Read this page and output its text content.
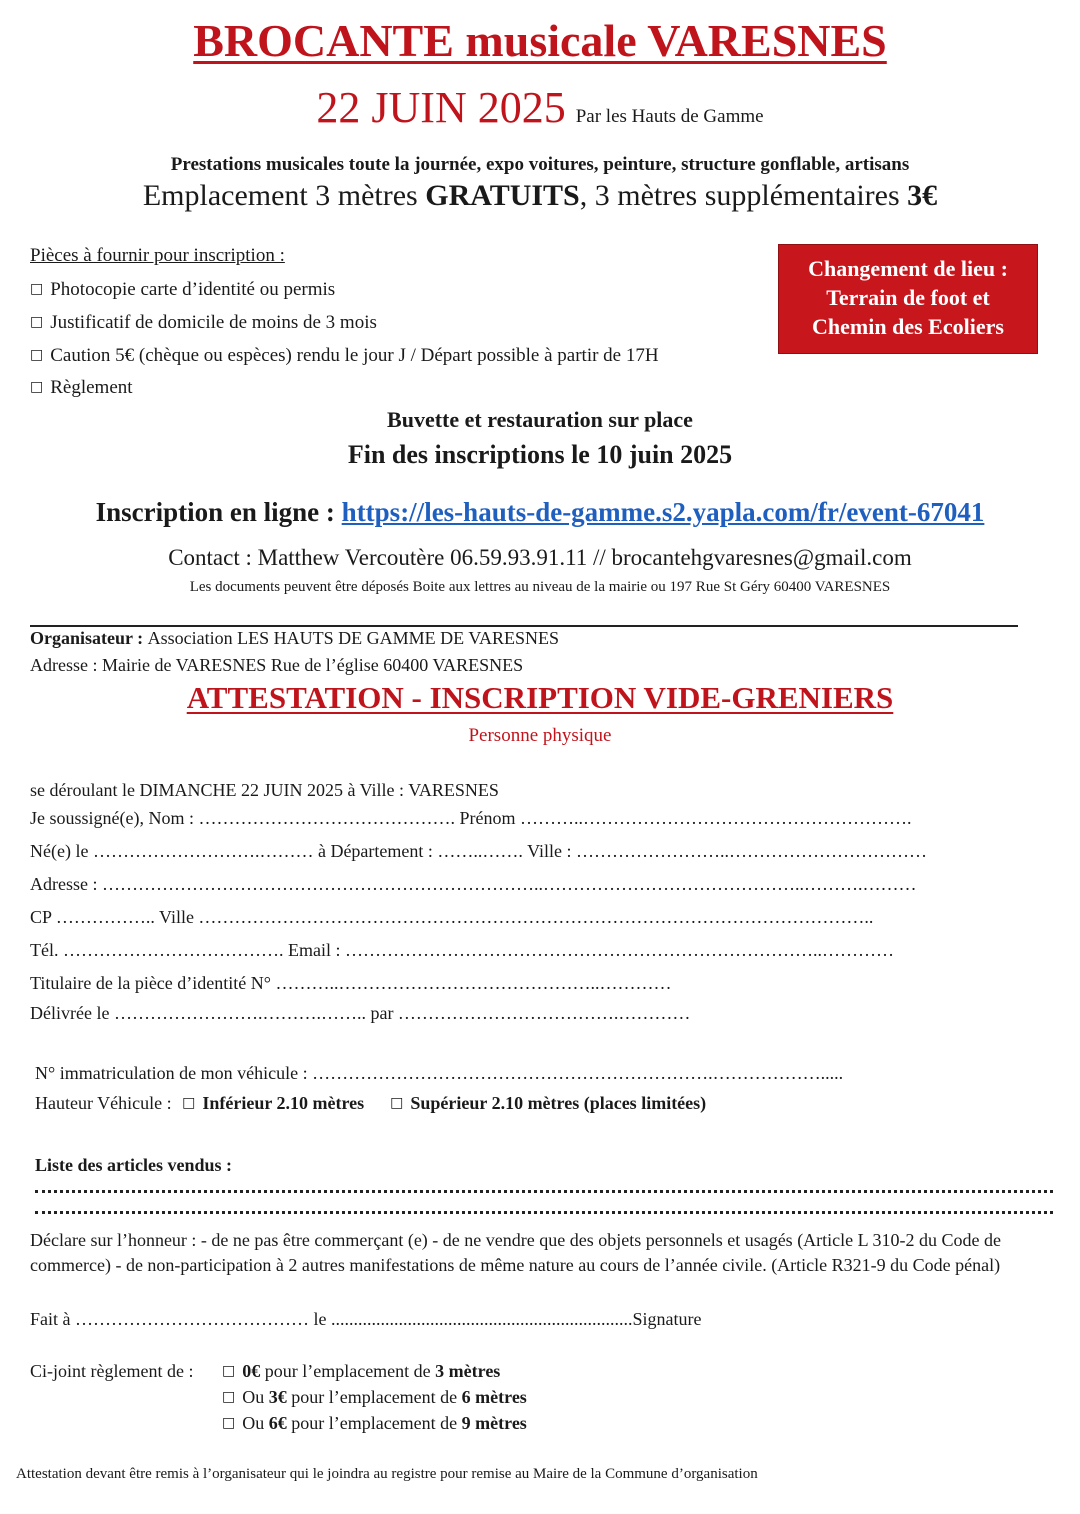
BROCANTE musicale VARESNES
22 JUIN 2025 Par les Hauts de Gamme
Prestations musicales toute la journée, expo voitures, peinture, structure gonflable, artisans
Emplacement 3 mètres GRATUITS, 3 mètres supplémentaires 3€
Pièces à fournir pour inscription :
□ Photocopie carte d’identité ou permis
□ Justificatif de domicile de moins de 3 mois
□ Caution 5€ (chèque ou espèces) rendu le jour J / Départ possible à partir de 17H
□ Règlement
Changement de lieu :
Terrain de foot et
Chemin des Ecoliers
Buvette et restauration sur place
Fin des inscriptions le 10 juin 2025
Inscription en ligne : https://les-hauts-de-gamme.s2.yapla.com/fr/event-67041
Contact : Matthew Vercoutère 06.59.93.91.11 // brocantehgvaresnes@gmail.com
Les documents peuvent être déposés Boite aux lettres au niveau de la mairie ou 197 Rue St Géry 60400 VARESNES
Organisateur : Association LES HAUTS DE GAMME DE VARESNES
Adresse : Mairie de VARESNES Rue de l’église 60400 VARESNES
ATTESTATION - INSCRIPTION VIDE-GRENIERS
Personne physique
se déroulant le DIMANCHE 22 JUIN 2025 à Ville : VARESNES
Je soussigné(e), Nom : ……………………………………. Prénom ………..……………………………………………….
Né(e) le ……………………….……… à Département : ……..……. Ville : ……………………..……………………………
Adresse : ………………………………………………………………..……………………………………..……….………
CP …………….. Ville …………………………………………………………………………………………………..
Tél. ………………………………. Email : ……………………………………………………………………..…………
Titulaire de la pièce d’identité N° ………..……………………………………..…………
Délivrée le …………………….……….…….. par ……………………………….…………
N° immatriculation de mon véhicule : ………………………………………………………….……………….....
Hauteur Véhicule : □ Inférieur 2.10 mètres □ Supérieur 2.10 mètres (places limitées)
Liste des articles vendus :
Déclare sur l’honneur : - de ne pas être commerçant (e) - de ne vendre que des objets personnels et usagés (Article L 310-2 du Code de commerce) - de non-participation à 2 autres manifestations de même nature au cours de l’année civile. (Article R321-9 du Code pénal)
Fait à ………………………………… le ...................................................................Signature
Ci-joint règlement de : □ 0€ pour l’emplacement de 3 mètres
□ Ou 3€ pour l’emplacement de 6 mètres
□ Ou 6€ pour l’emplacement de 9 mètres
Attestation devant être remis à l’organisateur qui le joindra au registre pour remise au Maire de la Commune d’organisation
